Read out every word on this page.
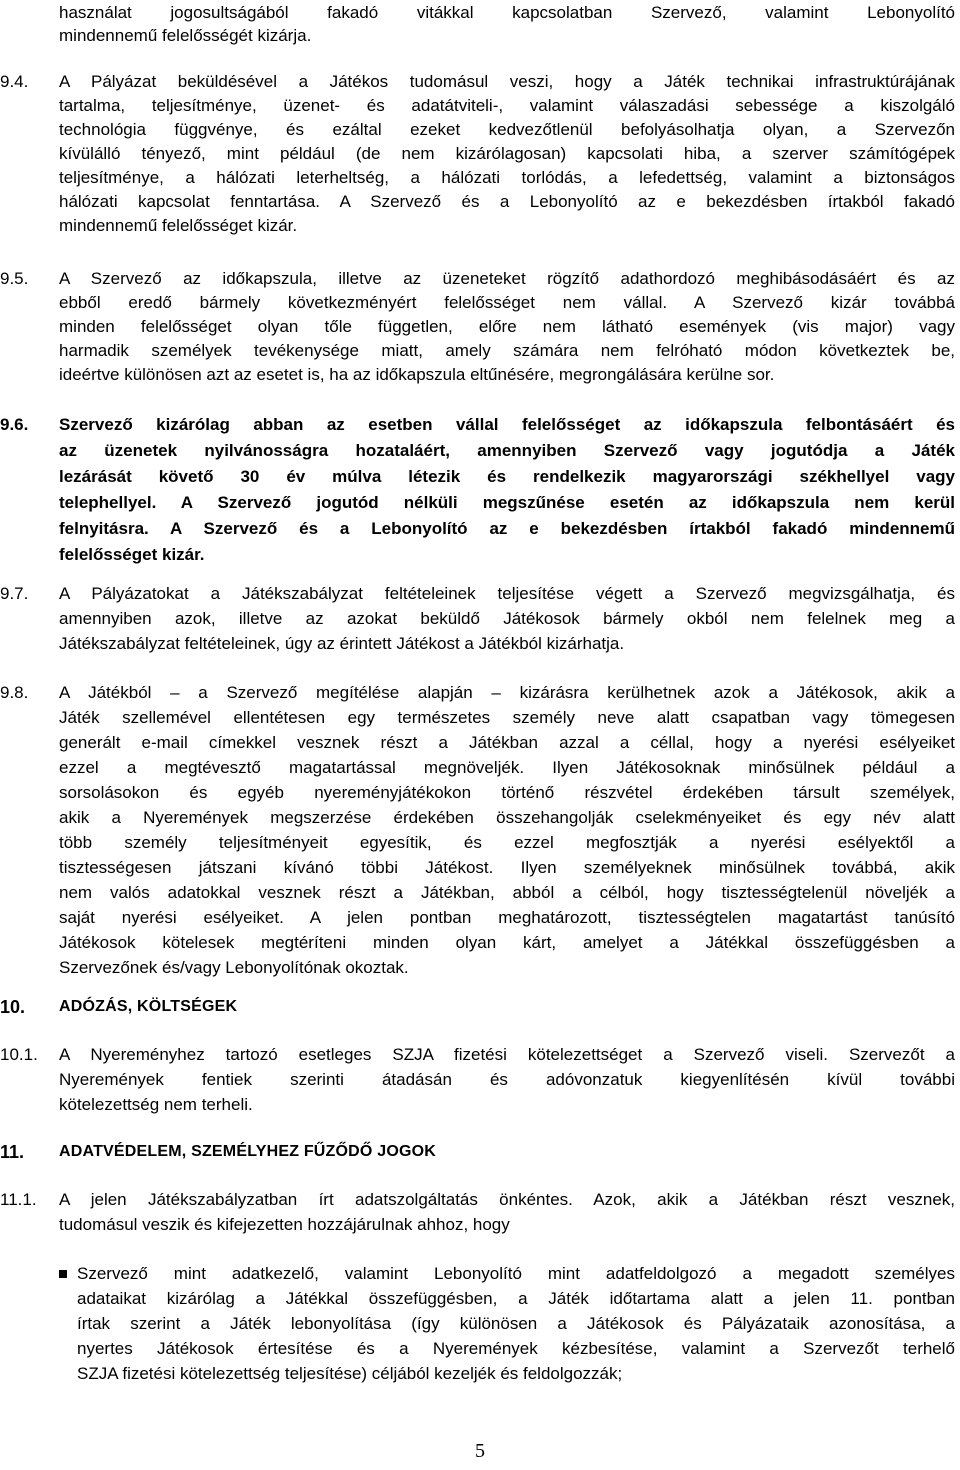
használat jogosultságából fakadó vitákkal kapcsolatban Szervező, valamint Lebonyolító
mindennemű felelősségét kizárja.
9.4. A Pályázat beküldésével a Játékos tudomásul veszi, hogy a Játék technikai infrastruktúrájának
tartalma, teljesítménye, üzenet- és adatátviteli-, valamint válaszadási sebessége a kiszolgáló
technológia függvénye, és ezáltal ezeket kedvezőtlenül befolyásolhatja olyan, a Szervezőn
kívülálló tényező, mint például (de nem kizárólagosan) kapcsolati hiba, a szerver számítógépek
teljesítménye, a hálózati leterheltség, a hálózati torlódás, a lefedettség, valamint a biztonságos
hálózati kapcsolat fenntartása. A Szervező és a Lebonyolító az e bekezdésben írtakból fakadó
mindennemű felelősséget kizár.
9.5. A Szervező az időkapszula, illetve az üzeneteket rögzítő adathordozó meghibásodásáért és az
ebből eredő bármely következményért felelősséget nem vállal. A Szervező kizár továbbá
minden felelősséget olyan tőle független, előre nem látható események (vis major) vagy
harmadik személyek tevékenysége miatt, amely számára nem felróható módon következtek be,
ideértve különösen azt az esetet is, ha az időkapszula eltűnésére, megrongálására kerülne sor.
9.6. Szervező kizárólag abban az esetben vállal felelősséget az időkapszula felbontásáért és
az üzenetek nyilvánosságra hozataláért, amennyiben Szervező vagy jogutódja a Játék
lezárását követő 30 év múlva létezik és rendelkezik magyarországi székhellyel vagy
telephellyel. A Szervező jogutód nélküli megszűnése esetén az időkapszula nem kerül
felnyitásra. A Szervező és a Lebonyolító az e bekezdésben írtakból fakadó mindennemű
felelősséget kizár.
9.7. A Pályázatokat a Játékszabályzat feltételeinek teljesítése végett a Szervező megvizsgálhatja, és
amennyiben azok, illetve az azokat beküldő Játékosok bármely okból nem felelnek meg a
Játékszabályzat feltételeinek, úgy az érintett Játékost a Játékból kizárhatja.
9.8. A Játékból – a Szervező megítélése alapján – kizárásra kerülhetnek azok a Játékosok, akik a
Játék szellemével ellentétesen egy természetes személy neve alatt csapatban vagy tömegesen
generált e-mail címekkel vesznek részt a Játékban azzal a céllal, hogy a nyerési esélyeiket
ezzel a megtévesztő magatartással megnöveljék. Ilyen Játékosoknak minősülnek például a
sorsolásokon és egyéb nyereményjátékokon történő részvétel érdekében társult személyek,
akik a Nyeremények megszerzése érdekében összehangolják cselekményeiket és egy név alatt
több személy teljesítményeit egyesítik, és ezzel megfosztják a nyerési esélyektől a
tisztességesen játszani kívánó többi Játékost. Ilyen személyeknek minősülnek továbbá, akik
nem valós adatokkal vesznek részt a Játékban, abból a célból, hogy tisztességtelenül növeljék a
saját nyerési esélyeiket. A jelen pontban meghatározott, tisztességtelen magatartást tanúsító
Játékosok kötelesek megtéríteni minden olyan kárt, amelyet a Játékkal összefüggésben a
Szervezőnek és/vagy Lebonyolítónak okoztak.
10. ADÓZÁS, KÖLTSÉGEK
10.1. A Nyereményhez tartozó esetleges SZJA fizetési kötelezettséget a Szervező viseli. Szervezőt a
Nyeremények fentiek szerinti átadásán és adóvonzatuk kiegyenlítésén kívül további
kötelezettség nem terheli.
11. ADATVÉDELEM, SZEMÉLYHEZ FŰZŐDŐ JOGOK
11.1. A jelen Játékszabályzatban írt adatszolgáltatás önkéntes. Azok, akik a Játékban részt vesznek,
tudomásul veszik és kifejezetten hozzájárulnak ahhoz, hogy
Szervező mint adatkezelő, valamint Lebonyolító mint adatfeldolgozó a megadott személyes
adataikat kizárólag a Játékkal összefüggésben, a Játék időtartama alatt a jelen 11. pontban
írtak szerint a Játék lebonyolítása (így különösen a Játékosok és Pályázataik azonosítása, a
nyertes Játékosok értesítése és a Nyeremények kézbesítése, valamint a Szervezőt terhelő
SZJA fizetési kötelezettség teljesítése) céljából kezeljék és feldolgozzák;
5
